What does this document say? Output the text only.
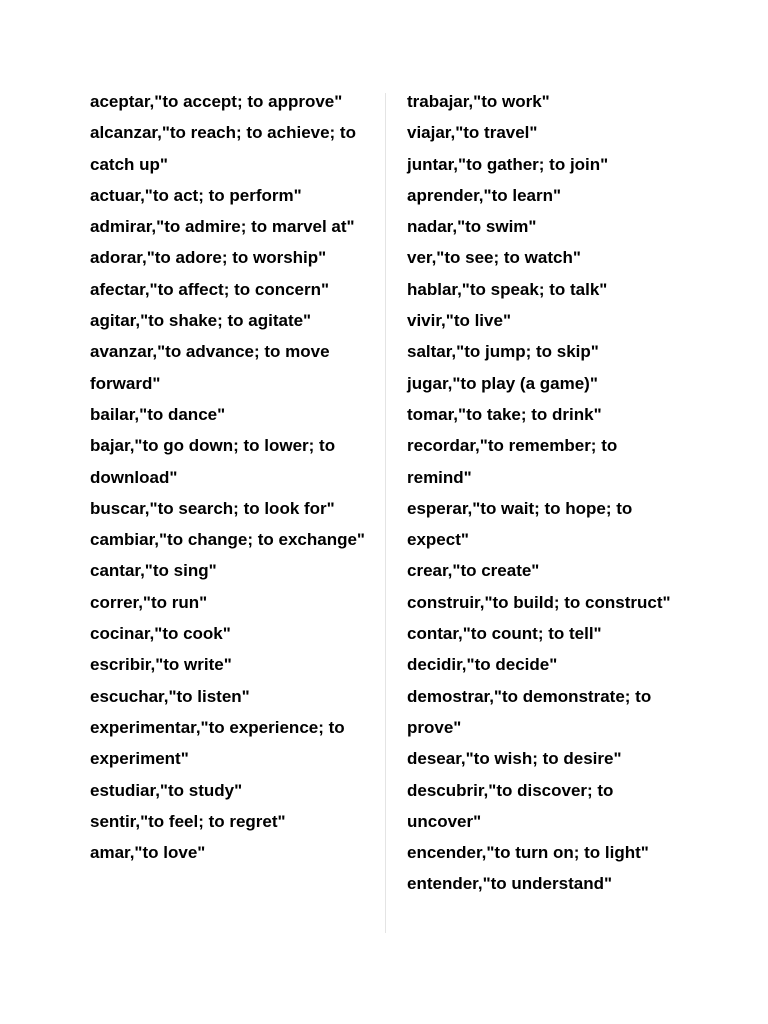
aceptar,"to accept; to approve"
alcanzar,"to reach; to achieve; to catch up"
actuar,"to act; to perform"
admirar,"to admire; to marvel at"
adorar,"to adore; to worship"
afectar,"to affect; to concern"
agitar,"to shake; to agitate"
avanzar,"to advance; to move forward"
bailar,"to dance"
bajar,"to go down; to lower; to download"
buscar,"to search; to look for"
cambiar,"to change; to exchange"
cantar,"to sing"
correr,"to run"
cocinar,"to cook"
escribir,"to write"
escuchar,"to listen"
experimentar,"to experience; to experiment"
estudiar,"to study"
sentir,"to feel; to regret"
amar,"to love"
trabajar,"to work"
viajar,"to travel"
juntar,"to gather; to join"
aprender,"to learn"
nadar,"to swim"
ver,"to see; to watch"
hablar,"to speak; to talk"
vivir,"to live"
saltar,"to jump; to skip"
jugar,"to play (a game)"
tomar,"to take; to drink"
recordar,"to remember; to remind"
esperar,"to wait; to hope; to expect"
crear,"to create"
construir,"to build; to construct"
contar,"to count; to tell"
decidir,"to decide"
demostrar,"to demonstrate; to prove"
desear,"to wish; to desire"
descubrir,"to discover; to uncover"
encender,"to turn on; to light"
entender,"to understand"
